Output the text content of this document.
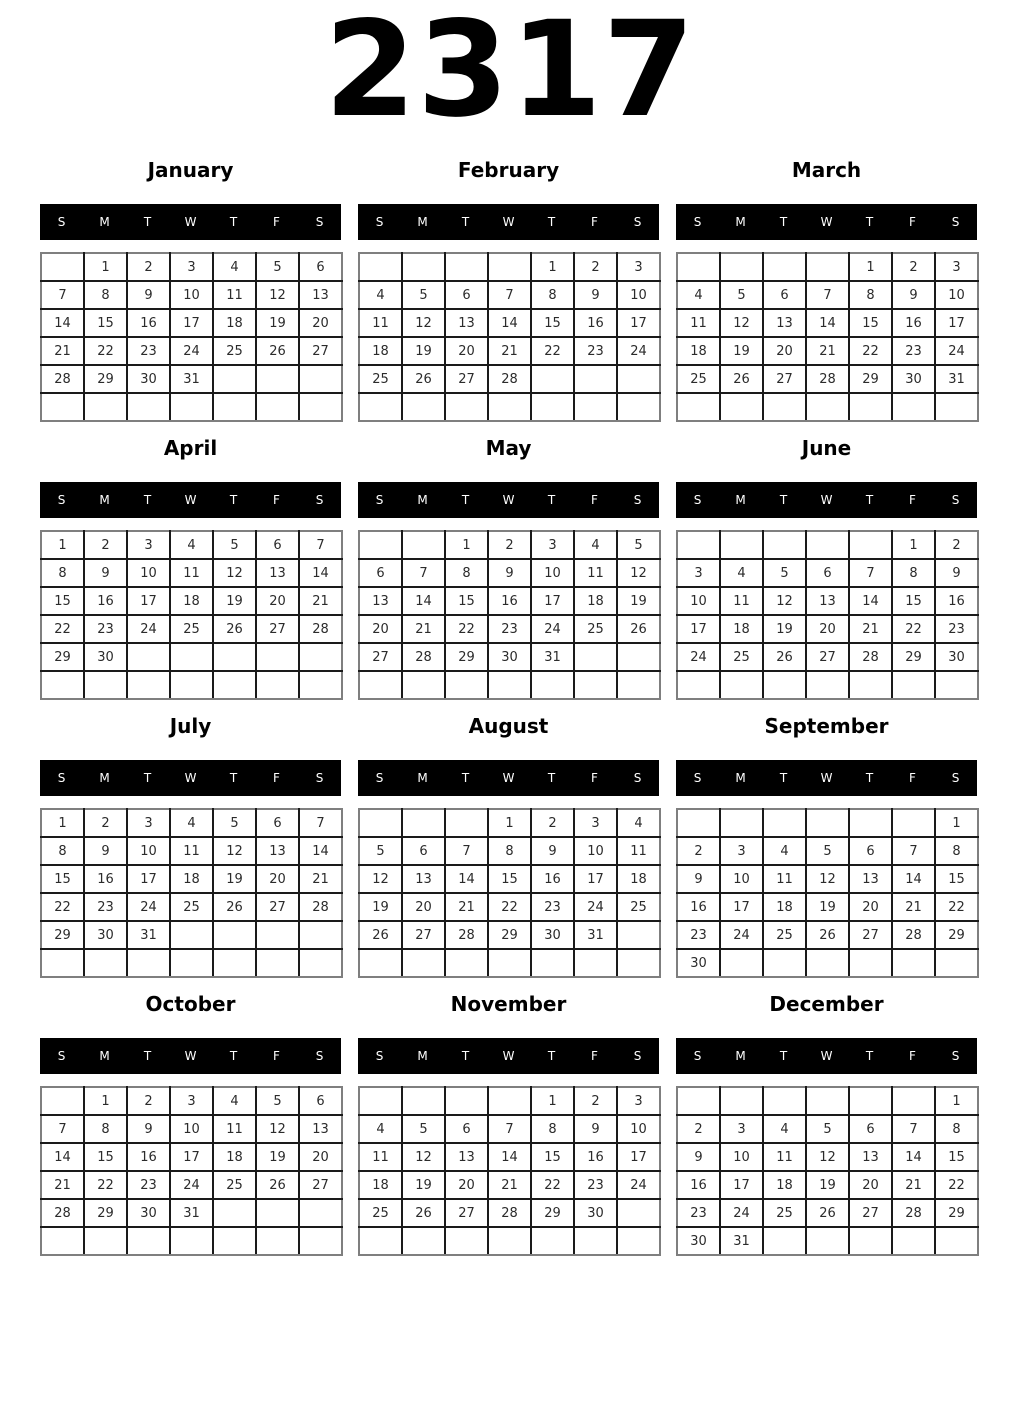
2317
January
S	M	T	W	T	F	S
	1	2	3	4	5	6
7	8	9	10	11	12	13
14	15	16	17	18	19	20
21	22	23	24	25	26	27
28	29	30	31			

February
S	M	T	W	T	F	S
				1	2	3
4	5	6	7	8	9	10
11	12	13	14	15	16	17
18	19	20	21	22	23	24
25	26	27	28			

March
S	M	T	W	T	F	S
				1	2	3
4	5	6	7	8	9	10
11	12	13	14	15	16	17
18	19	20	21	22	23	24
25	26	27	28	29	30	31

April
S	M	T	W	T	F	S
1	2	3	4	5	6	7
8	9	10	11	12	13	14
15	16	17	18	19	20	21
22	23	24	25	26	27	28
29	30					

May
S	M	T	W	T	F	S
		1	2	3	4	5
6	7	8	9	10	11	12
13	14	15	16	17	18	19
20	21	22	23	24	25	26
27	28	29	30	31		

June
S	M	T	W	T	F	S
					1	2
3	4	5	6	7	8	9
10	11	12	13	14	15	16
17	18	19	20	21	22	23
24	25	26	27	28	29	30

July
S	M	T	W	T	F	S
1	2	3	4	5	6	7
8	9	10	11	12	13	14
15	16	17	18	19	20	21
22	23	24	25	26	27	28
29	30	31				

August
S	M	T	W	T	F	S
			1	2	3	4
5	6	7	8	9	10	11
12	13	14	15	16	17	18
19	20	21	22	23	24	25
26	27	28	29	30	31	

September
S	M	T	W	T	F	S
						1
2	3	4	5	6	7	8
9	10	11	12	13	14	15
16	17	18	19	20	21	22
23	24	25	26	27	28	29
30						
October
S	M	T	W	T	F	S
	1	2	3	4	5	6
7	8	9	10	11	12	13
14	15	16	17	18	19	20
21	22	23	24	25	26	27
28	29	30	31			

November
S	M	T	W	T	F	S
				1	2	3
4	5	6	7	8	9	10
11	12	13	14	15	16	17
18	19	20	21	22	23	24
25	26	27	28	29	30	

December
S	M	T	W	T	F	S
						1
2	3	4	5	6	7	8
9	10	11	12	13	14	15
16	17	18	19	20	21	22
23	24	25	26	27	28	29
30	31					
